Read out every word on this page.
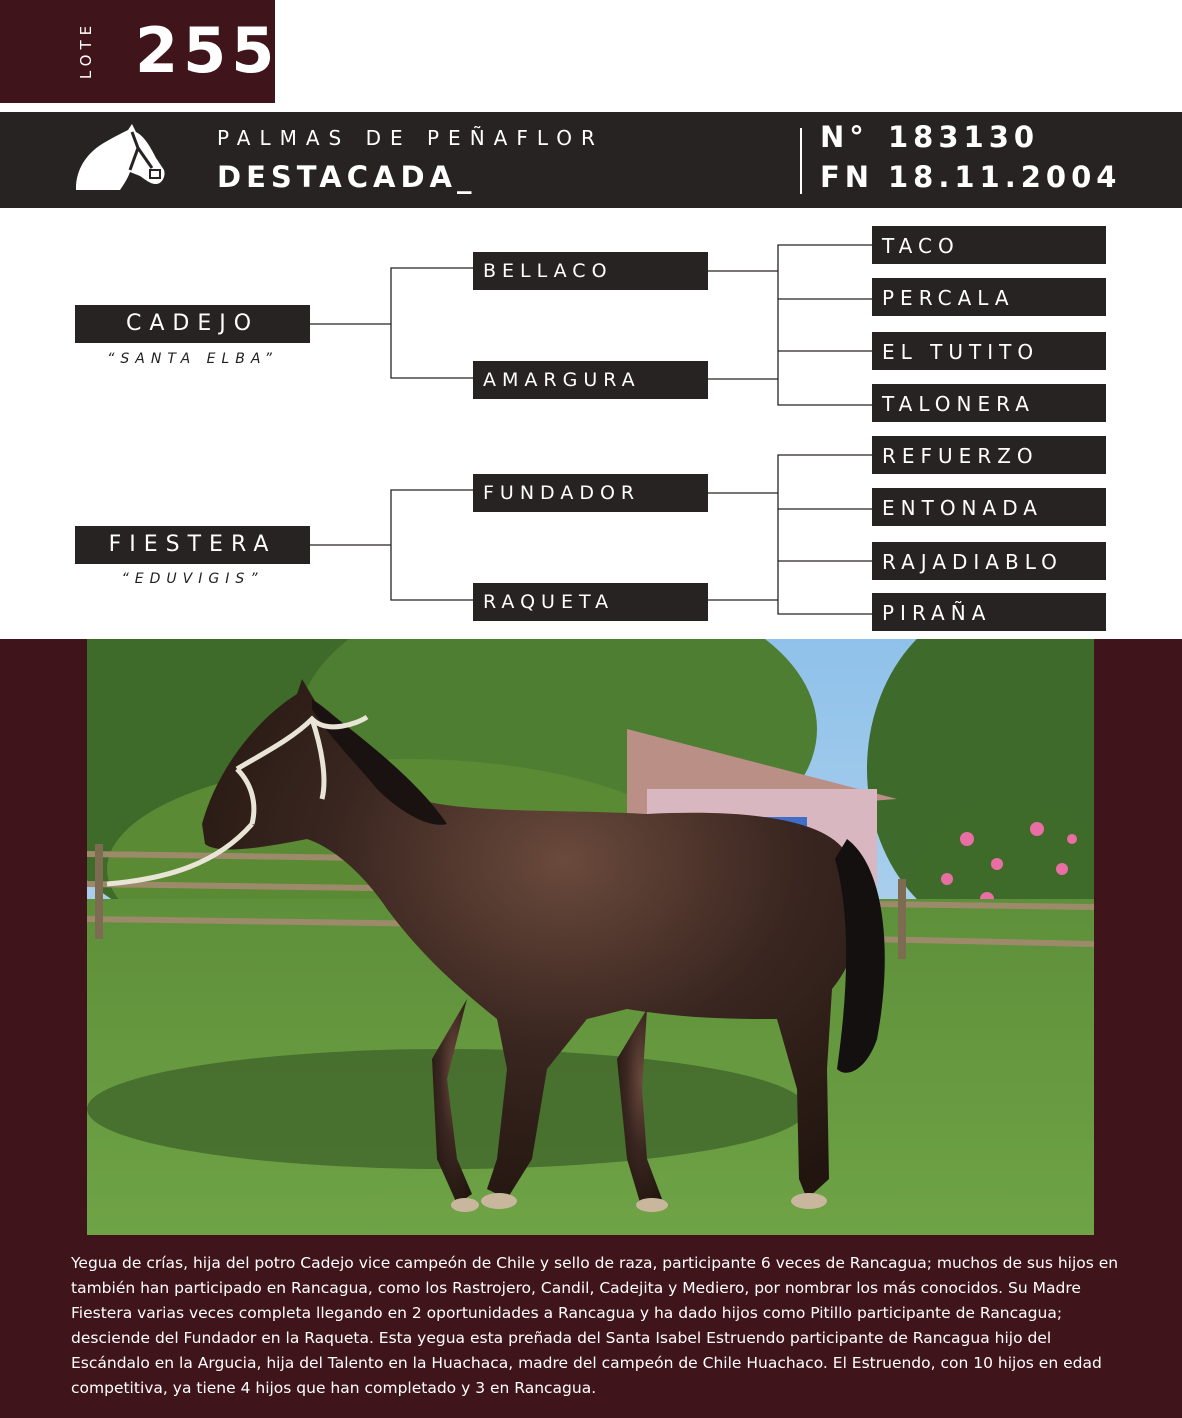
LOTE 255
PALMAS DE PEÑAFLOR
DESTACADA_
N° 183130
FN 18.11.2004
CADEJO
“SANTA ELBA”
FIESTERA
“EDUVIGIS”
BELLACO
AMARGURA
FUNDADOR
RAQUETA
TACO
PERCALA
EL TUTITO
TALONERA
REFUERZO
ENTONADA
RAJADIABLO
PIRAÑA
Yegua de crías, hija del potro Cadejo vice campeón de Chile y sello de raza, participante 6 veces de Rancagua; muchos de sus hijos en también han participado en Rancagua, como los Rastrojero, Candil, Cadejita y Mediero, por nombrar los más conocidos. Su Madre Fiestera varias veces completa llegando en 2 oportunidades a Rancagua y ha dado hijos como Pitillo participante de Rancagua; desciende del Fundador en la Raqueta. Esta yegua esta preñada del Santa Isabel Estruendo participante de Rancagua hijo del Escándalo en la Argucia, hija del Talento en la Huachaca, madre del campeón de Chile Huachaco. El Estruendo, con 10 hijos en edad competitiva, ya tiene 4 hijos que han completado y 3 en Rancagua.
